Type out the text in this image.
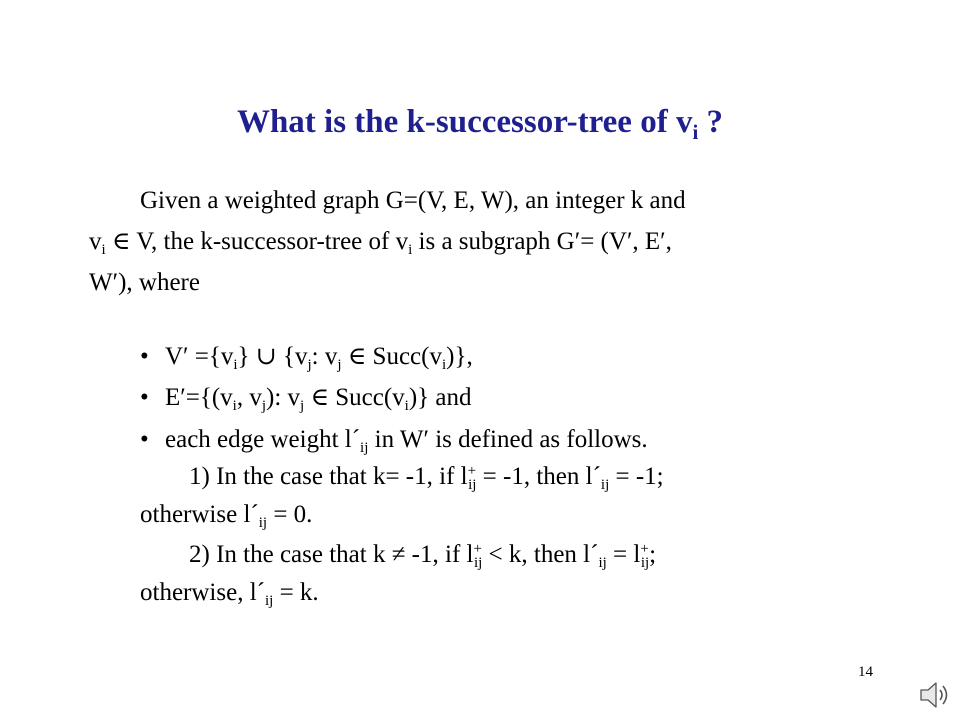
What is the k-successor-tree of $v_i$ ?
Given a weighted graph G=(V, E, W), an integer k and
$v_i$ ∈ V, the k-successor-tree of $v_i$ is a subgraph G′= (V′, E′,
W′), where
• $V' =\{v_i\}$ ∪ {$v_j$: $v_j$ ∈ $Succ(v_i)$},
• $E'=\{(v_i$, $v_j$): $v_j$ ∈ $Succ(v_i)$} and
• each edge weight $l´_{ij}$ in W′ is defined as follows.
1) In the case that k= -1, if $l^+_{ij} = -1$, then $l´_{ij} = -1$;
otherwise $l´_{ij} = 0$.
2) In the case that k ≠ -1, if $l^+_{ij} < k$, then $l´_{ij} = l^+_{ij}$;
otherwise, $l´_{ij} = k$.
14
